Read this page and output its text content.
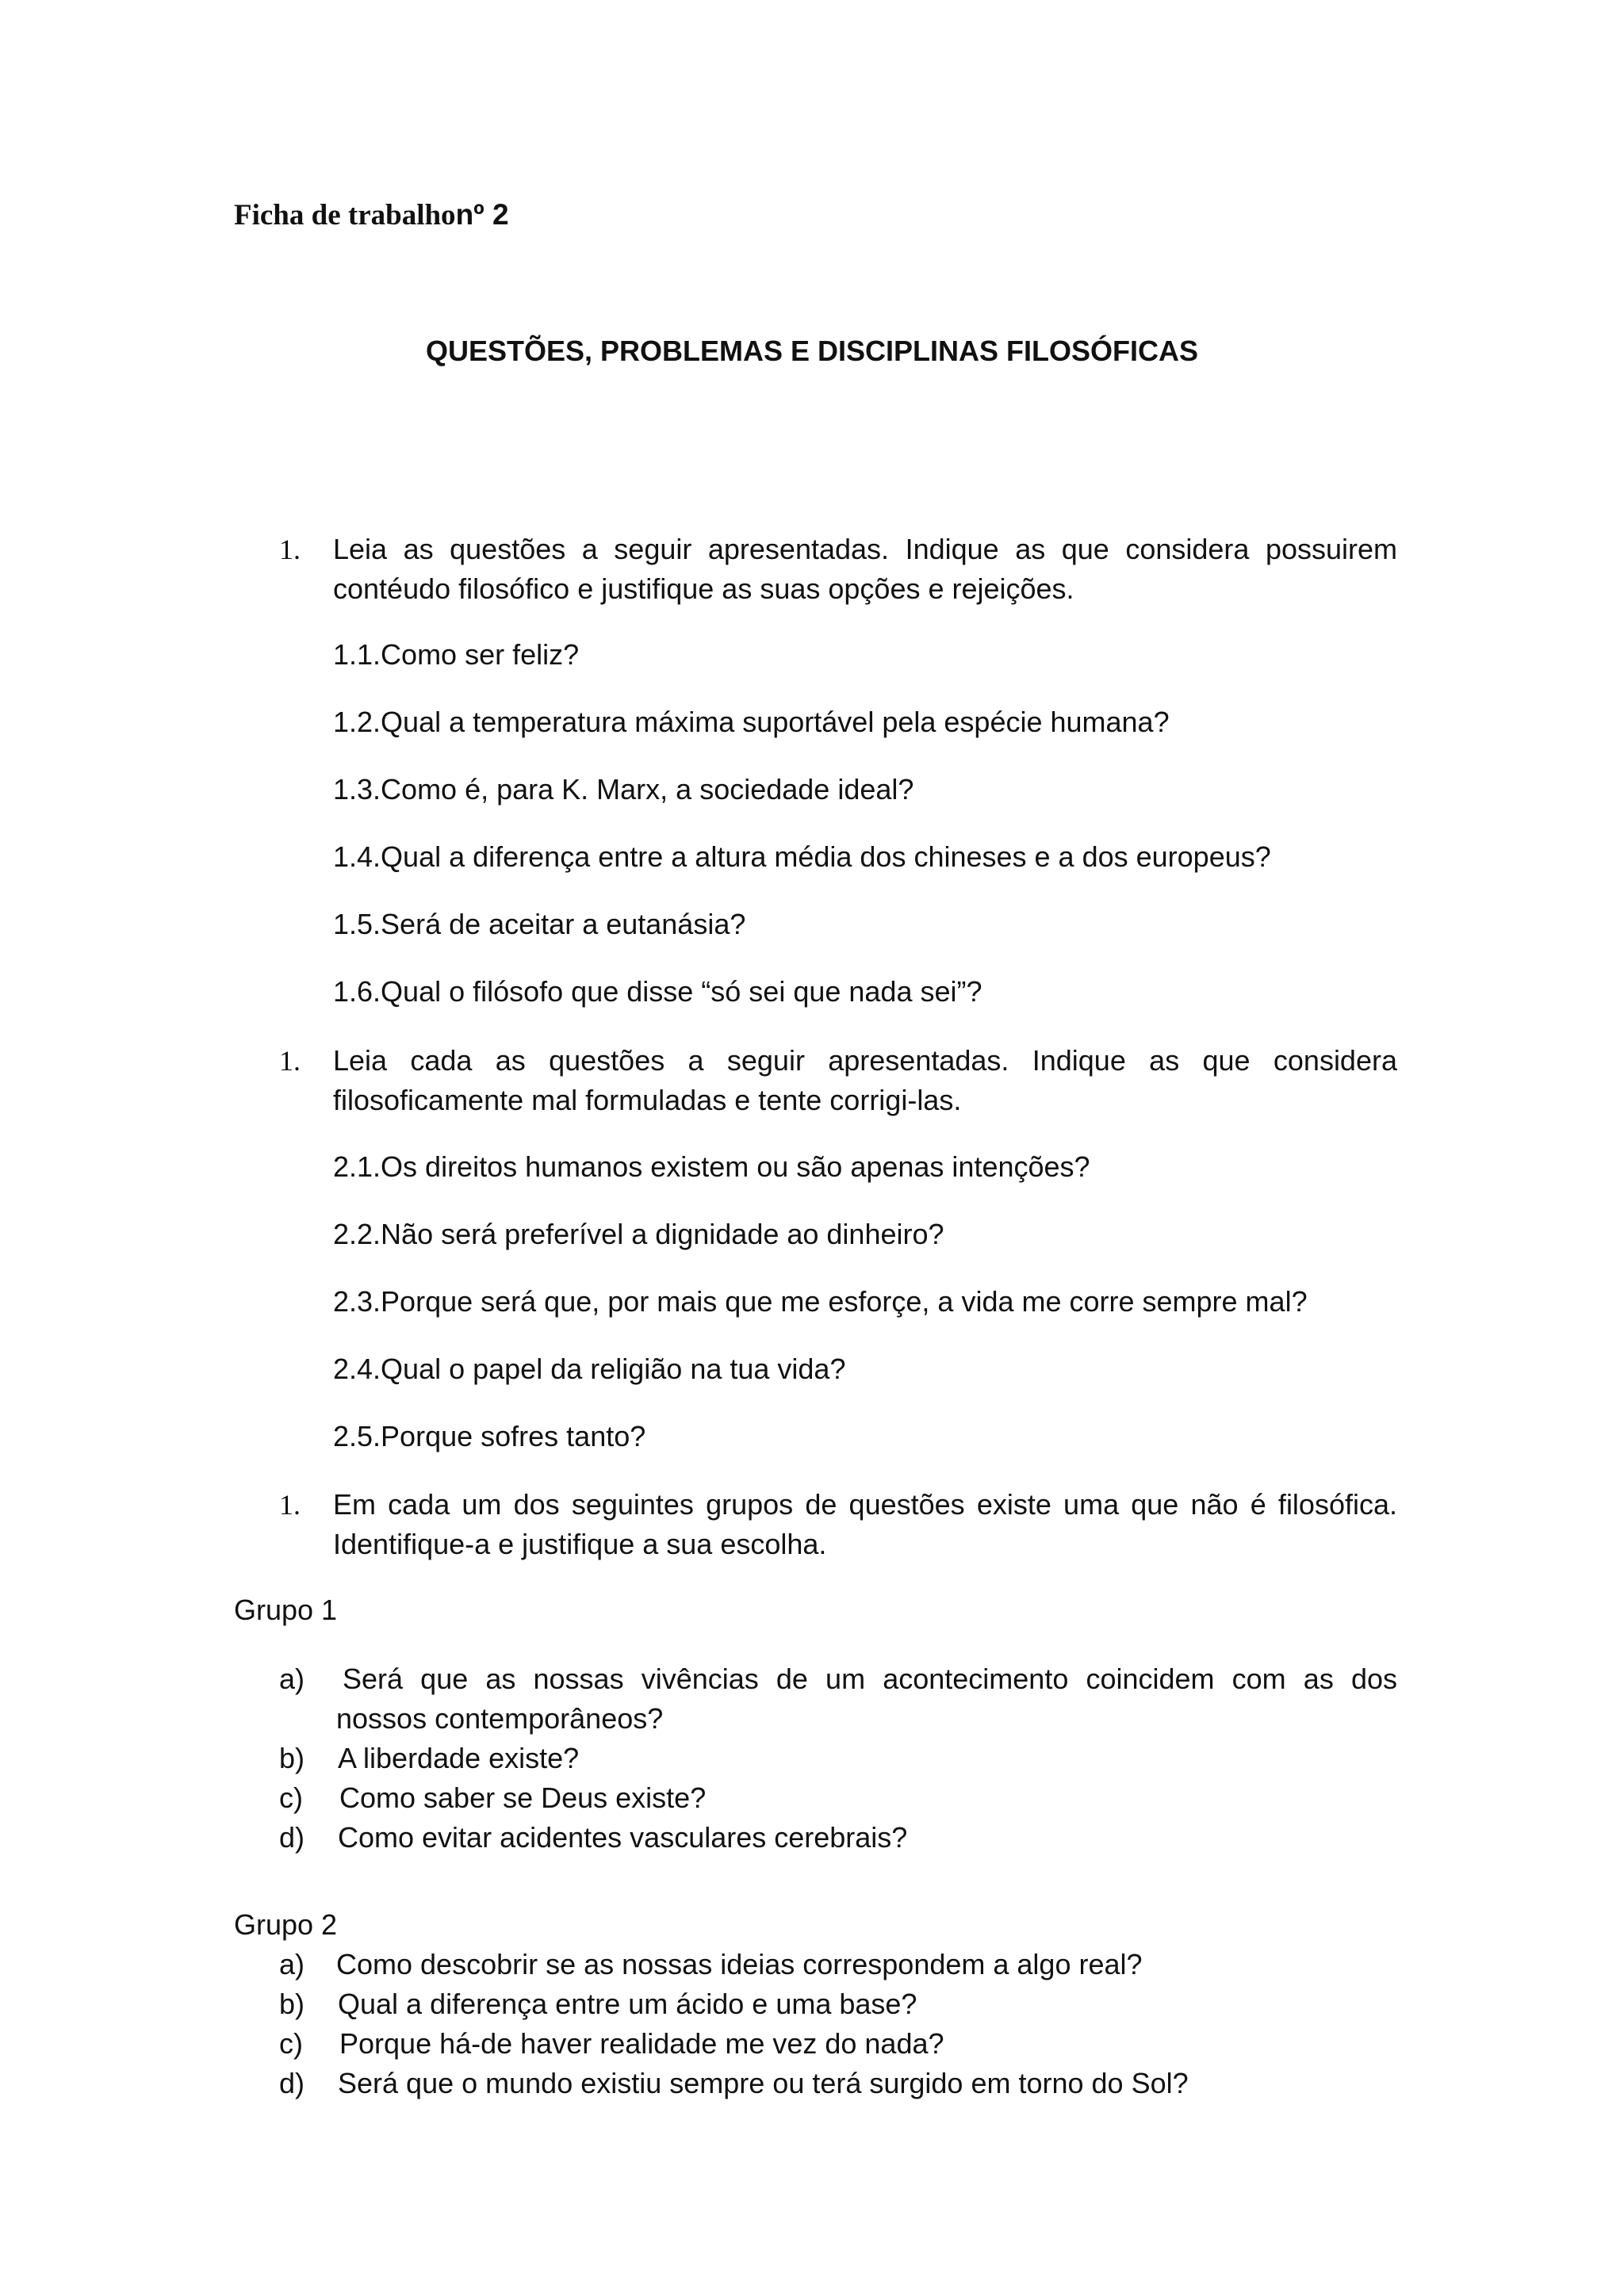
Ficha de trabalhonº 2
QUESTÕES, PROBLEMAS E DISCIPLINAS FILOSÓFICAS
1. Leia as questões a seguir apresentadas. Indique as que considera possuirem
contéudo filosófico e justifique as suas opções e rejeições.
1.1.Como ser feliz?
1.2.Qual a temperatura máxima suportável pela espécie humana?
1.3.Como é, para K. Marx, a sociedade ideal?
1.4.Qual a diferença entre a altura média dos chineses e a dos europeus?
1.5.Será de aceitar a eutanásia?
1.6.Qual o filósofo que disse “só sei que nada sei”?
1. Leia cada as questões a seguir apresentadas. Indique as que considera
filosoficamente mal formuladas e tente corrigi-las.
2.1.Os direitos humanos existem ou são apenas intenções?
2.2.Não será preferível a dignidade ao dinheiro?
2.3.Porque será que, por mais que me esforçe, a vida me corre sempre mal?
2.4.Qual o papel da religião na tua vida?
2.5.Porque sofres tanto?
1. Em cada um dos seguintes grupos de questões existe uma que não é filosófica.
Identifique-a e justifique a sua escolha.
Grupo 1
a) Será que as nossas vivências de um acontecimento coincidem com as dos
nossos contemporâneos?
b) A liberdade existe?
c) Como saber se Deus existe?
d) Como evitar acidentes vasculares cerebrais?
Grupo 2
a) Como descobrir se as nossas ideias correspondem a algo real?
b) Qual a diferença entre um ácido e uma base?
c) Porque há-de haver realidade me vez do nada?
d) Será que o mundo existiu sempre ou terá surgido em torno do Sol?
